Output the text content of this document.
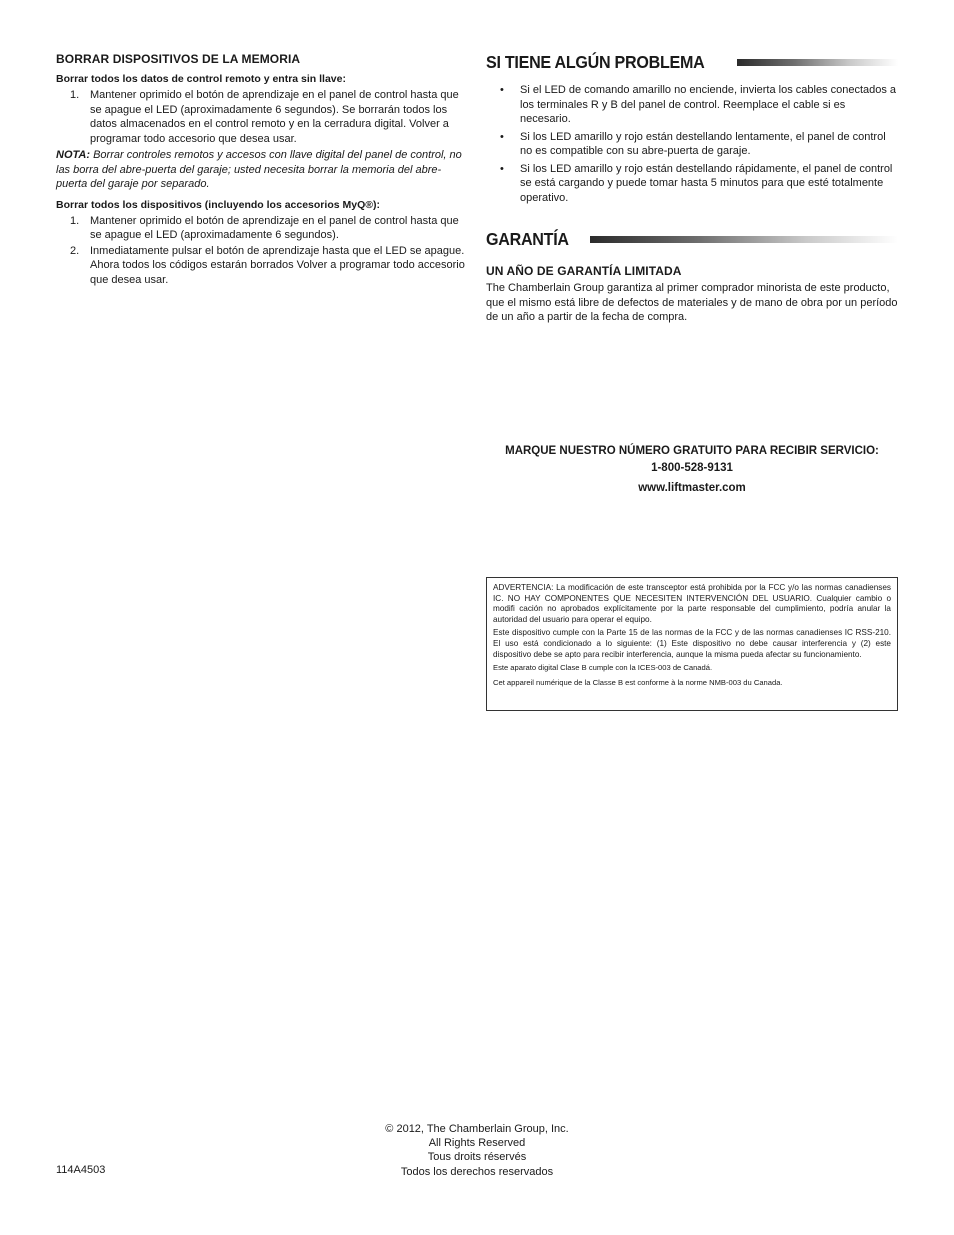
BORRAR DISPOSITIVOS DE LA MEMORIA
Borrar todos los datos de control remoto y entra sin llave:
1. Mantener oprimido el botón de aprendizaje en el panel de control hasta que se apague el LED (aproximadamente 6 segundos). Se borrarán todos los datos almacenados en el control remoto y en la cerradura digital. Volver a programar todo accesorio que desea usar.
NOTA: Borrar controles remotos y accesos con llave digital del panel de control, no las borra del abre-puerta del garaje; usted necesita borrar la memoria del abre-puerta del garaje por separado.
Borrar todos los dispositivos (incluyendo los accesorios MyQ®):
1. Mantener oprimido el botón de aprendizaje en el panel de control hasta que se apague el LED (aproximadamente 6 segundos).
2. Inmediatamente pulsar el botón de aprendizaje hasta que el LED se apague. Ahora todos los códigos estarán borrados Volver a programar todo accesorio que desea usar.
SI TIENE ALGÚN PROBLEMA
•	Si el LED de comando amarillo no enciende, invierta los cables conectados a los terminales R y B del panel de control. Reemplace el cable si es necesario.
•	Si los LED amarillo y rojo están destellando lentamente, el panel de control no es compatible con su abre-puerta de garaje.
•	Si los LED amarillo y rojo están destellando rápidamente, el panel de control se está cargando y puede tomar hasta 5 minutos para que esté totalmente operativo.
GARANTÍA
UN AÑO DE GARANTÍA LIMITADA
The Chamberlain Group garantiza al primer comprador minorista de este producto, que el mismo está libre de defectos de materiales y de mano de obra por un período de un año a partir de la fecha de compra.
MARQUE NUESTRO NÚMERO GRATUITO PARA RECIBIR SERVICIO:
1-800-528-9131
www.liftmaster.com

ADVERTENCIA: La modificación de este transceptor está prohibida por la FCC y/o las normas canadienses IC. NO HAY COMPONENTES QUE NECESITEN INTERVENCIÓN DEL USUARIO. Cualquier cambio o modifi cación no aprobados explícitamente por la parte responsable del cumplimiento, podría anular la autoridad del usuario para operar el equipo.

Este dispositivo cumple con la Parte 15 de las normas de la FCC y de las normas canadienses IC RSS-210. El uso está condicionado a lo siguiente: (1) Este dispositivo no debe causar interferencia y (2) este dispositivo debe se apto para recibir interferencia, aunque la misma pueda afectar su funcionamiento.

Este aparato digital Clase B cumple con la ICES-003 de Canadá.

Cet appareil numérique de la Classe B est conforme à la norme NMB-003 du Canada.

© 2012, The Chamberlain Group, Inc.
All Rights Reserved
Tous droits réservés
Todos los derechos reservados
114A4503
